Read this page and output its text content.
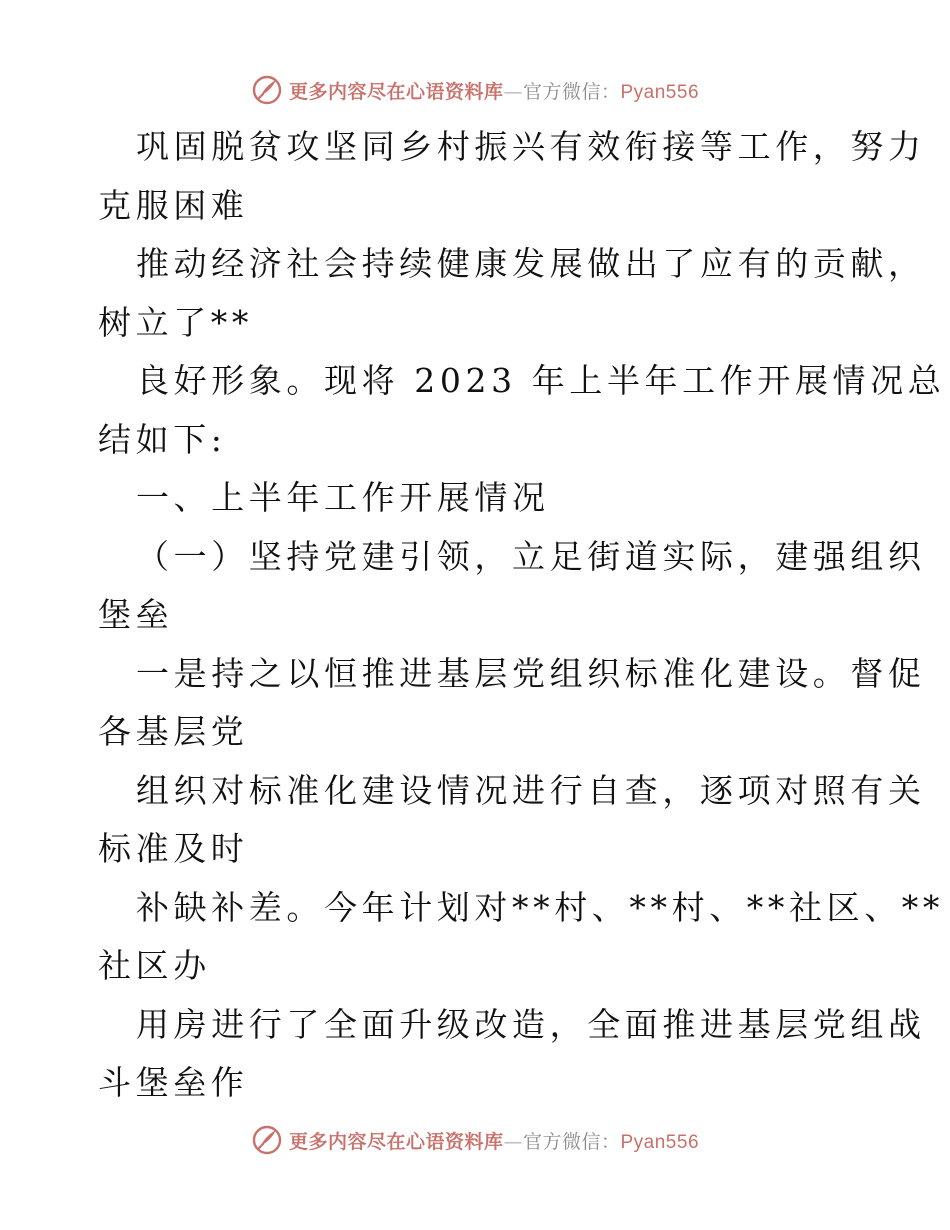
更多内容尽在心语资料库—官方微信：Pyan556
巩固脱贫攻坚同乡村振兴有效衔接等工作，努力
克服困难
推动经济社会持续健康发展做出了应有的贡献，
树立了**
良好形象。现将 2023 年上半年工作开展情况总
结如下:
一、上半年工作开展情况
（一）坚持党建引领，立足街道实际，建强组织
堡垒
一是持之以恒推进基层党组织标准化建设。督促
各基层党
组织对标准化建设情况进行自查，逐项对照有关
标准及时
补缺补差。今年计划对**村、**村、**社区、**
社区办
用房进行了全面升级改造，全面推进基层党组战
斗堡垒作
更多内容尽在心语资料库—官方微信：Pyan556
